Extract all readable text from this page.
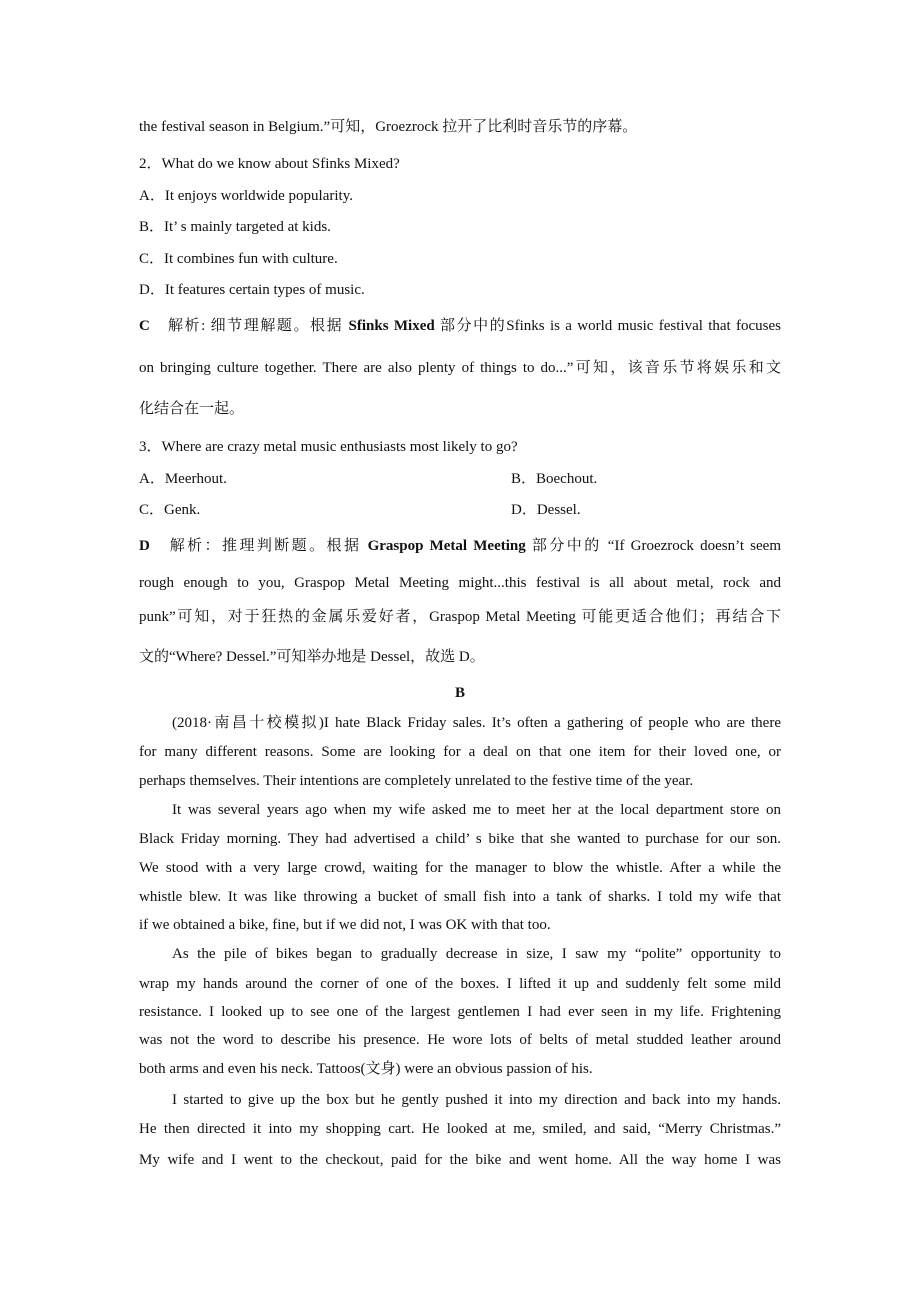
the festival season in Belgium.”可知，Groezrock 拉开了比利时音乐节的序幕。
2．What do we know about Sfinks Mixed?
A．It enjoys worldwide popularity.
B．It’ s mainly targeted at kids.
C．It combines fun with culture.
D．It features certain types of music.
C　解析: 细节理解题。根据 Sfinks Mixed 部分中的Sfinks is a world music festival that focuses
on bringing culture together. There are also plenty of things to do...”可知，该音乐节将娱乐和文
化结合在一起。
3．Where are crazy metal music enthusiasts most likely to go?
A．Meerhout.	B．Boechout.
C．Genk.	D．Dessel.
D　解析：推理判断题。根据 Graspop Metal Meeting 部分中的 “If Groezrock doesn’t seem
rough enough to you, Graspop Metal Meeting might...this festival is all about metal, rock and
punk”可知，对于狂热的金属乐爱好者，Graspop Metal Meeting 可能更适合他们；再结合下
文的“Where? Dessel.”可知举办地是 Dessel，故选 D。
B
(2018·南昌十校模拟)I hate Black Friday sales. It’s often a gathering of people who are there
for many different reasons. Some are looking for a deal on that one item for their loved one, or
perhaps themselves. Their intentions are completely unrelated to the festive time of the year.
It was several years ago when my wife asked me to meet her at the local department store on
Black Friday morning. They had advertised a child’ s bike that she wanted to purchase for our son.
We stood with a very large crowd, waiting for the manager to blow the whistle. After a while the
whistle blew. It was like throwing a bucket of small fish into a tank of sharks. I told my wife that
if we obtained a bike, fine, but if we did not, I was OK with that too.
As the pile of bikes began to gradually decrease in size, I saw my “polite” opportunity to
wrap my hands around the corner of one of the boxes. I lifted it up and suddenly felt some mild
resistance. I looked up to see one of the largest gentlemen I had ever seen in my life. Frightening
was not the word to describe his presence. He wore lots of belts of metal studded leather around
both arms and even his neck. Tattoos(文身) were an obvious passion of his.
I started to give up the box but he gently pushed it into my direction and back into my hands.
He then directed it into my shopping cart. He looked at me, smiled, and said, “Merry Christmas.”
My wife and I went to the checkout, paid for the bike and went home. All the way home I was
